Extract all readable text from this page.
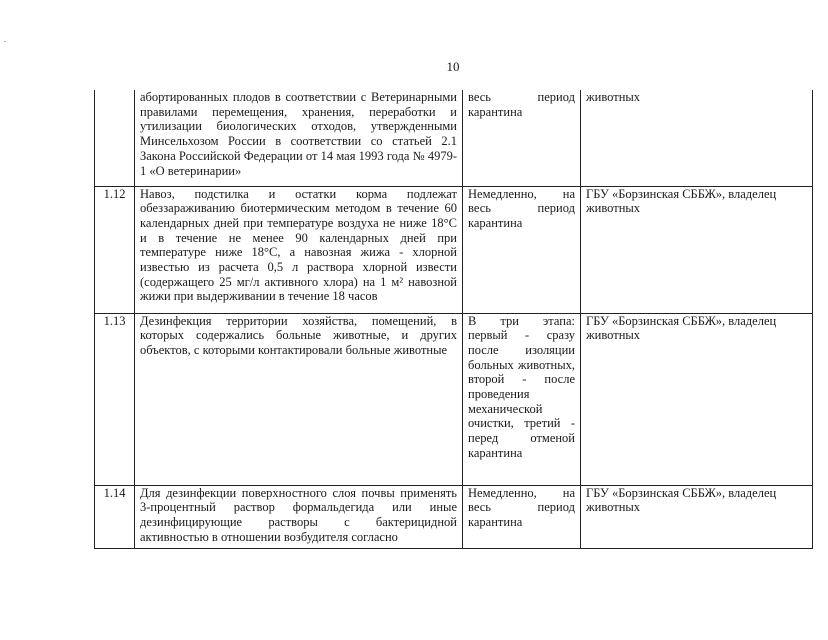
.
10
	абортированных плодов в соответствии с Ветеринарными правилами перемещения, хранения, переработки и утилизации биологических отходов, утвержденными Минсельхозом России в соответствии со статьей 2.1 Закона Российской Федерации от 14 мая 1993 года № 4979-1 «О ветеринарии»	весь период карантина	животных
1.12	Навоз, подстилка и остатки корма подлежат обеззараживанию биотермическим методом в течение 60 календарных дней при температуре воздуха не ниже 18°С и в течение не менее 90 календарных дней при температуре ниже 18°С, а навозная жижа - хлорной известью из расчета 0,5 л раствора хлорной извести (содержащего 25 мг/л активного хлора) на 1 м² навозной жижи при выдерживании в течение 18 часов	Немедленно, на весь период карантина	ГБУ «Борзинская СББЖ», владелец животных
1.13	Дезинфекция территории хозяйства, помещений, в которых содержались больные животные, и других объектов, с которыми контактировали больные животные	В три этапа: первый - сразу после изоляции больных животных, второй - после проведения механической очистки, третий - перед отменой карантина	ГБУ «Борзинская СББЖ», владелец животных
1.14	Для дезинфекции поверхностного слоя почвы применять 3-процентный раствор формальдегида или иные дезинфицирующие растворы с бактерицидной активностью в отношении возбудителя согласно	Немедленно, на весь период карантина	ГБУ «Борзинская СББЖ», владелец животных
